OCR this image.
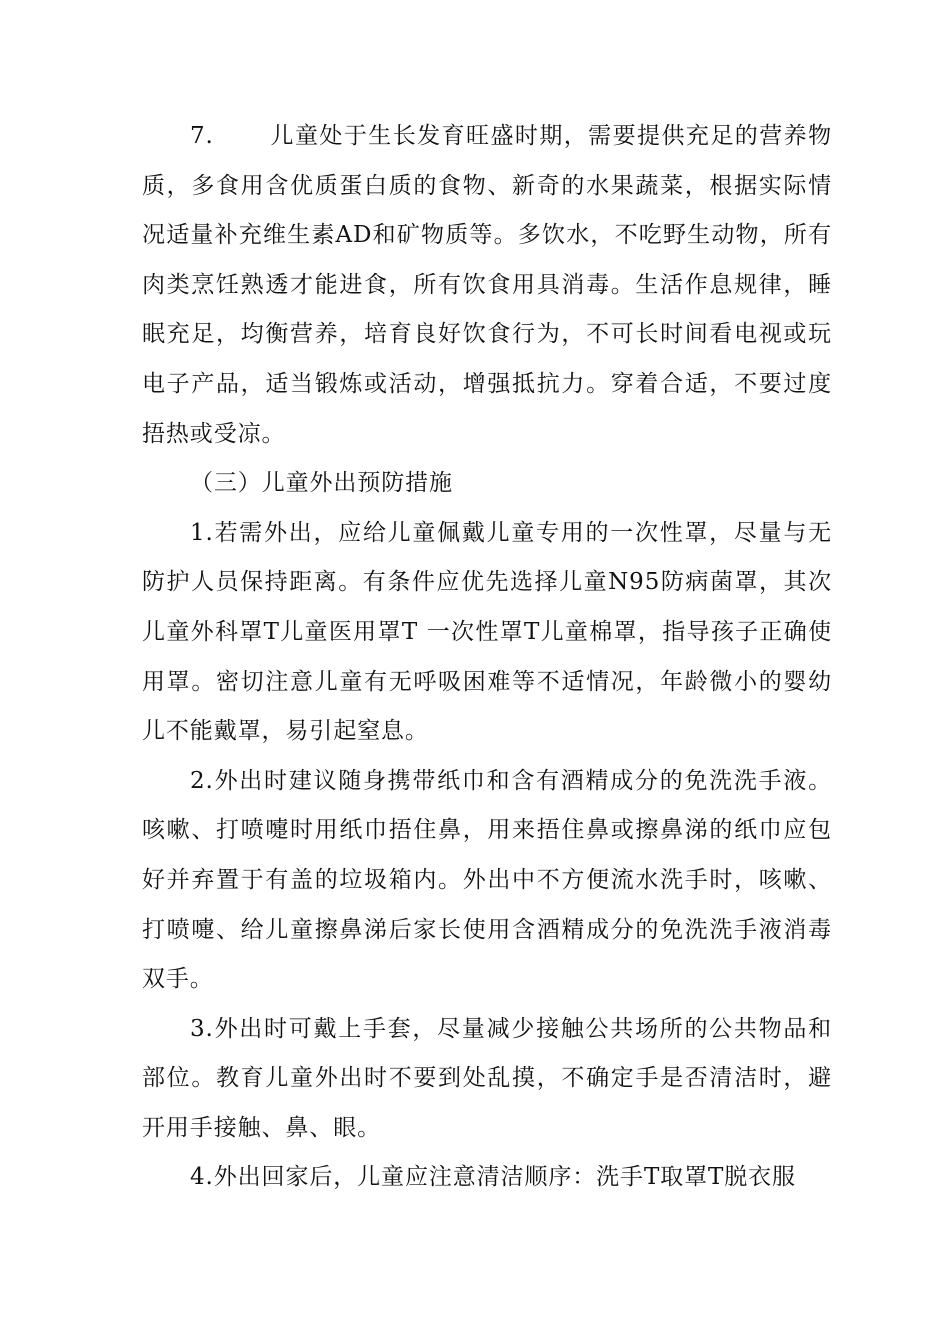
7. 儿童处于生长发育旺盛时期，需要提供充足的营养物质，多食用含优质蛋白质的食物、新奇的水果蔬菜，根据实际情况适量补充维生素AD和矿物质等。多饮水，不吃野生动物，所有肉类烹饪熟透才能进食，所有饮食用具消毒。生活作息规律，睡眠充足，均衡营养，培育良好饮食行为，不可长时间看电视或玩电子产品，适当锻炼或活动，增强抵抗力。穿着合适，不要过度捂热或受凉。

（三）儿童外出预防措施

1.若需外出，应给儿童佩戴儿童专用的一次性罩，尽量与无防护人员保持距离。有条件应优先选择儿童N95防病菌罩，其次儿童外科罩T儿童医用罩T 一次性罩T儿童棉罩，指导孩子正确使用罩。密切注意儿童有无呼吸困难等不适情况，年龄微小的婴幼儿不能戴罩，易引起窒息。

2.外出时建议随身携带纸巾和含有酒精成分的免洗洗手液。咳嗽、打喷嚏时用纸巾捂住鼻，用来捂住鼻或擦鼻涕的纸巾应包好并弃置于有盖的垃圾箱内。外出中不方便流水洗手时，咳嗽、打喷嚏、给儿童擦鼻涕后家长使用含酒精成分的免洗洗手液消毒双手。

3.外出时可戴上手套，尽量减少接触公共场所的公共物品和部位。教育儿童外出时不要到处乱摸，不确定手是否清洁时，避开用手接触、鼻、眼。

4.外出回家后，儿童应注意清洁顺序：洗手T取罩T脱衣服
